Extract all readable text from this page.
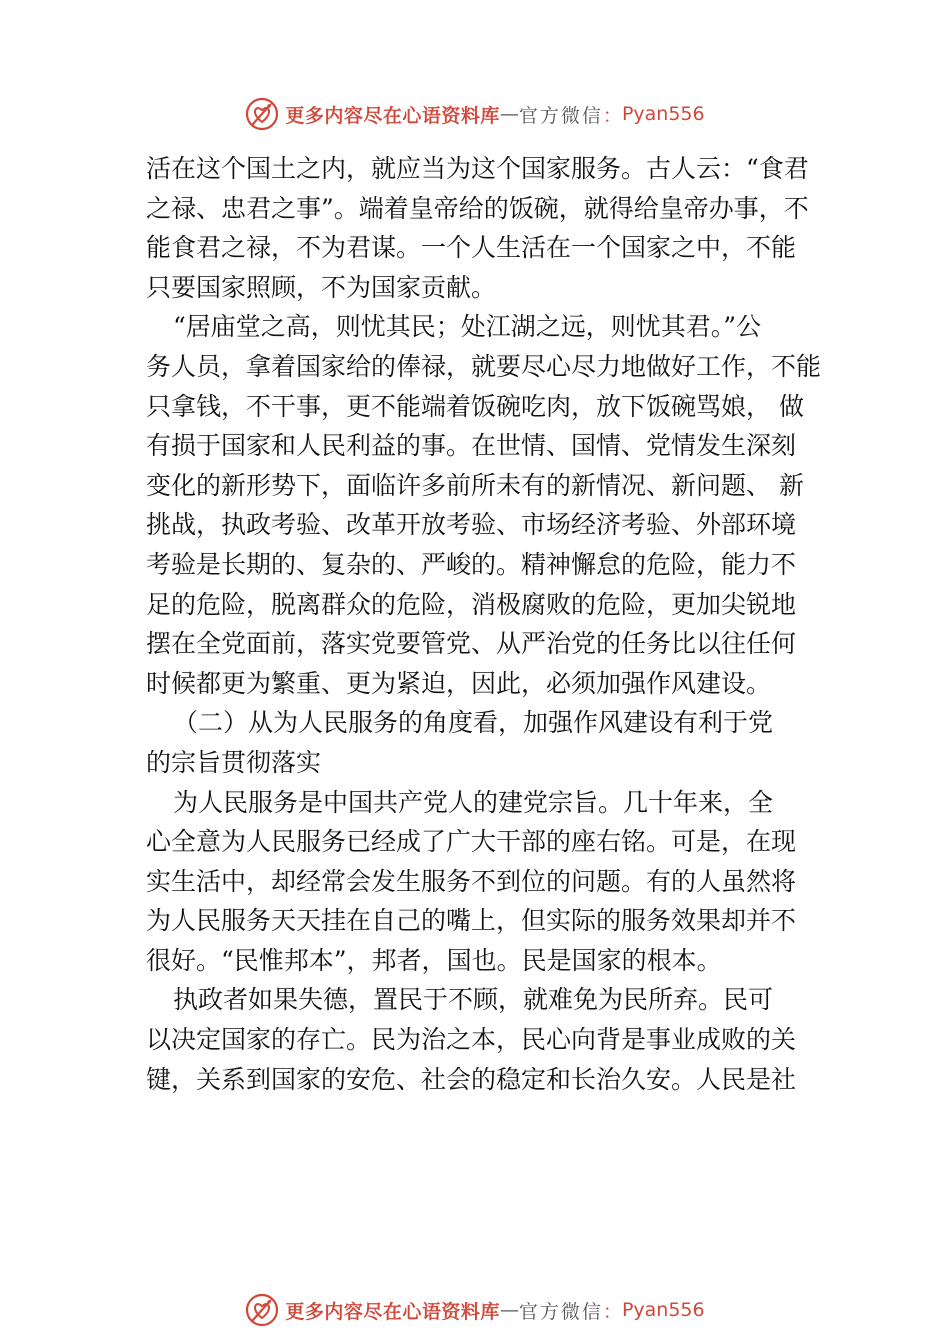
更多内容尽在心语资料库 — 官方微信 ： Pyan556
活在这个国土之内，就应当为这个国家服务。古人云：“食君
之禄、忠君之事”。端着皇帝给的饭碗，就得给皇帝办事，不
能食君之禄，不为君谋。一个人生活在一个国家之中，不能
只要国家照顾，不为国家贡献。
“居庙堂之高，则忧其民；处江湖之远，则忧其君。”公
务人员，拿着国家给的俸禄，就要尽心尽力地做好工作，不能
只拿钱，不干事，更不能端着饭碗吃肉，放下饭碗骂娘， 做
有损于国家和人民利益的事。在世情、国情、党情发生深刻
变化的新形势下，面临许多前所未有的新情况、新问题、 新
挑战，执政考验、改革开放考验、市场经济考验、外部环境
考验是长期的、复杂的、严峻的。精神懈怠的危险，能力不
足的危险，脱离群众的危险，消极腐败的危险，更加尖锐地
摆在全党面前，落实党要管党、从严治党的任务比以往任何
时候都更为繁重、更为紧迫，因此，必须加强作风建设。
（二）从为人民服务的角度看，加强作风建设有利于党
的宗旨贯彻落实
为人民服务是中国共产党人的建党宗旨。几十年来，全
心全意为人民服务已经成了广大干部的座右铭。可是，在现
实生活中，却经常会发生服务不到位的问题。有的人虽然将
为人民服务天天挂在自己的嘴上，但实际的服务效果却并不
很好。“民惟邦本”，邦者，国也。民是国家的根本。
执政者如果失德，置民于不顾，就难免为民所弃。民可
以决定国家的存亡。民为治之本，民心向背是事业成败的关
键，关系到国家的安危、社会的稳定和长治久安。人民是社
更多内容尽在心语资料库 — 官方微信 ： Pyan556
